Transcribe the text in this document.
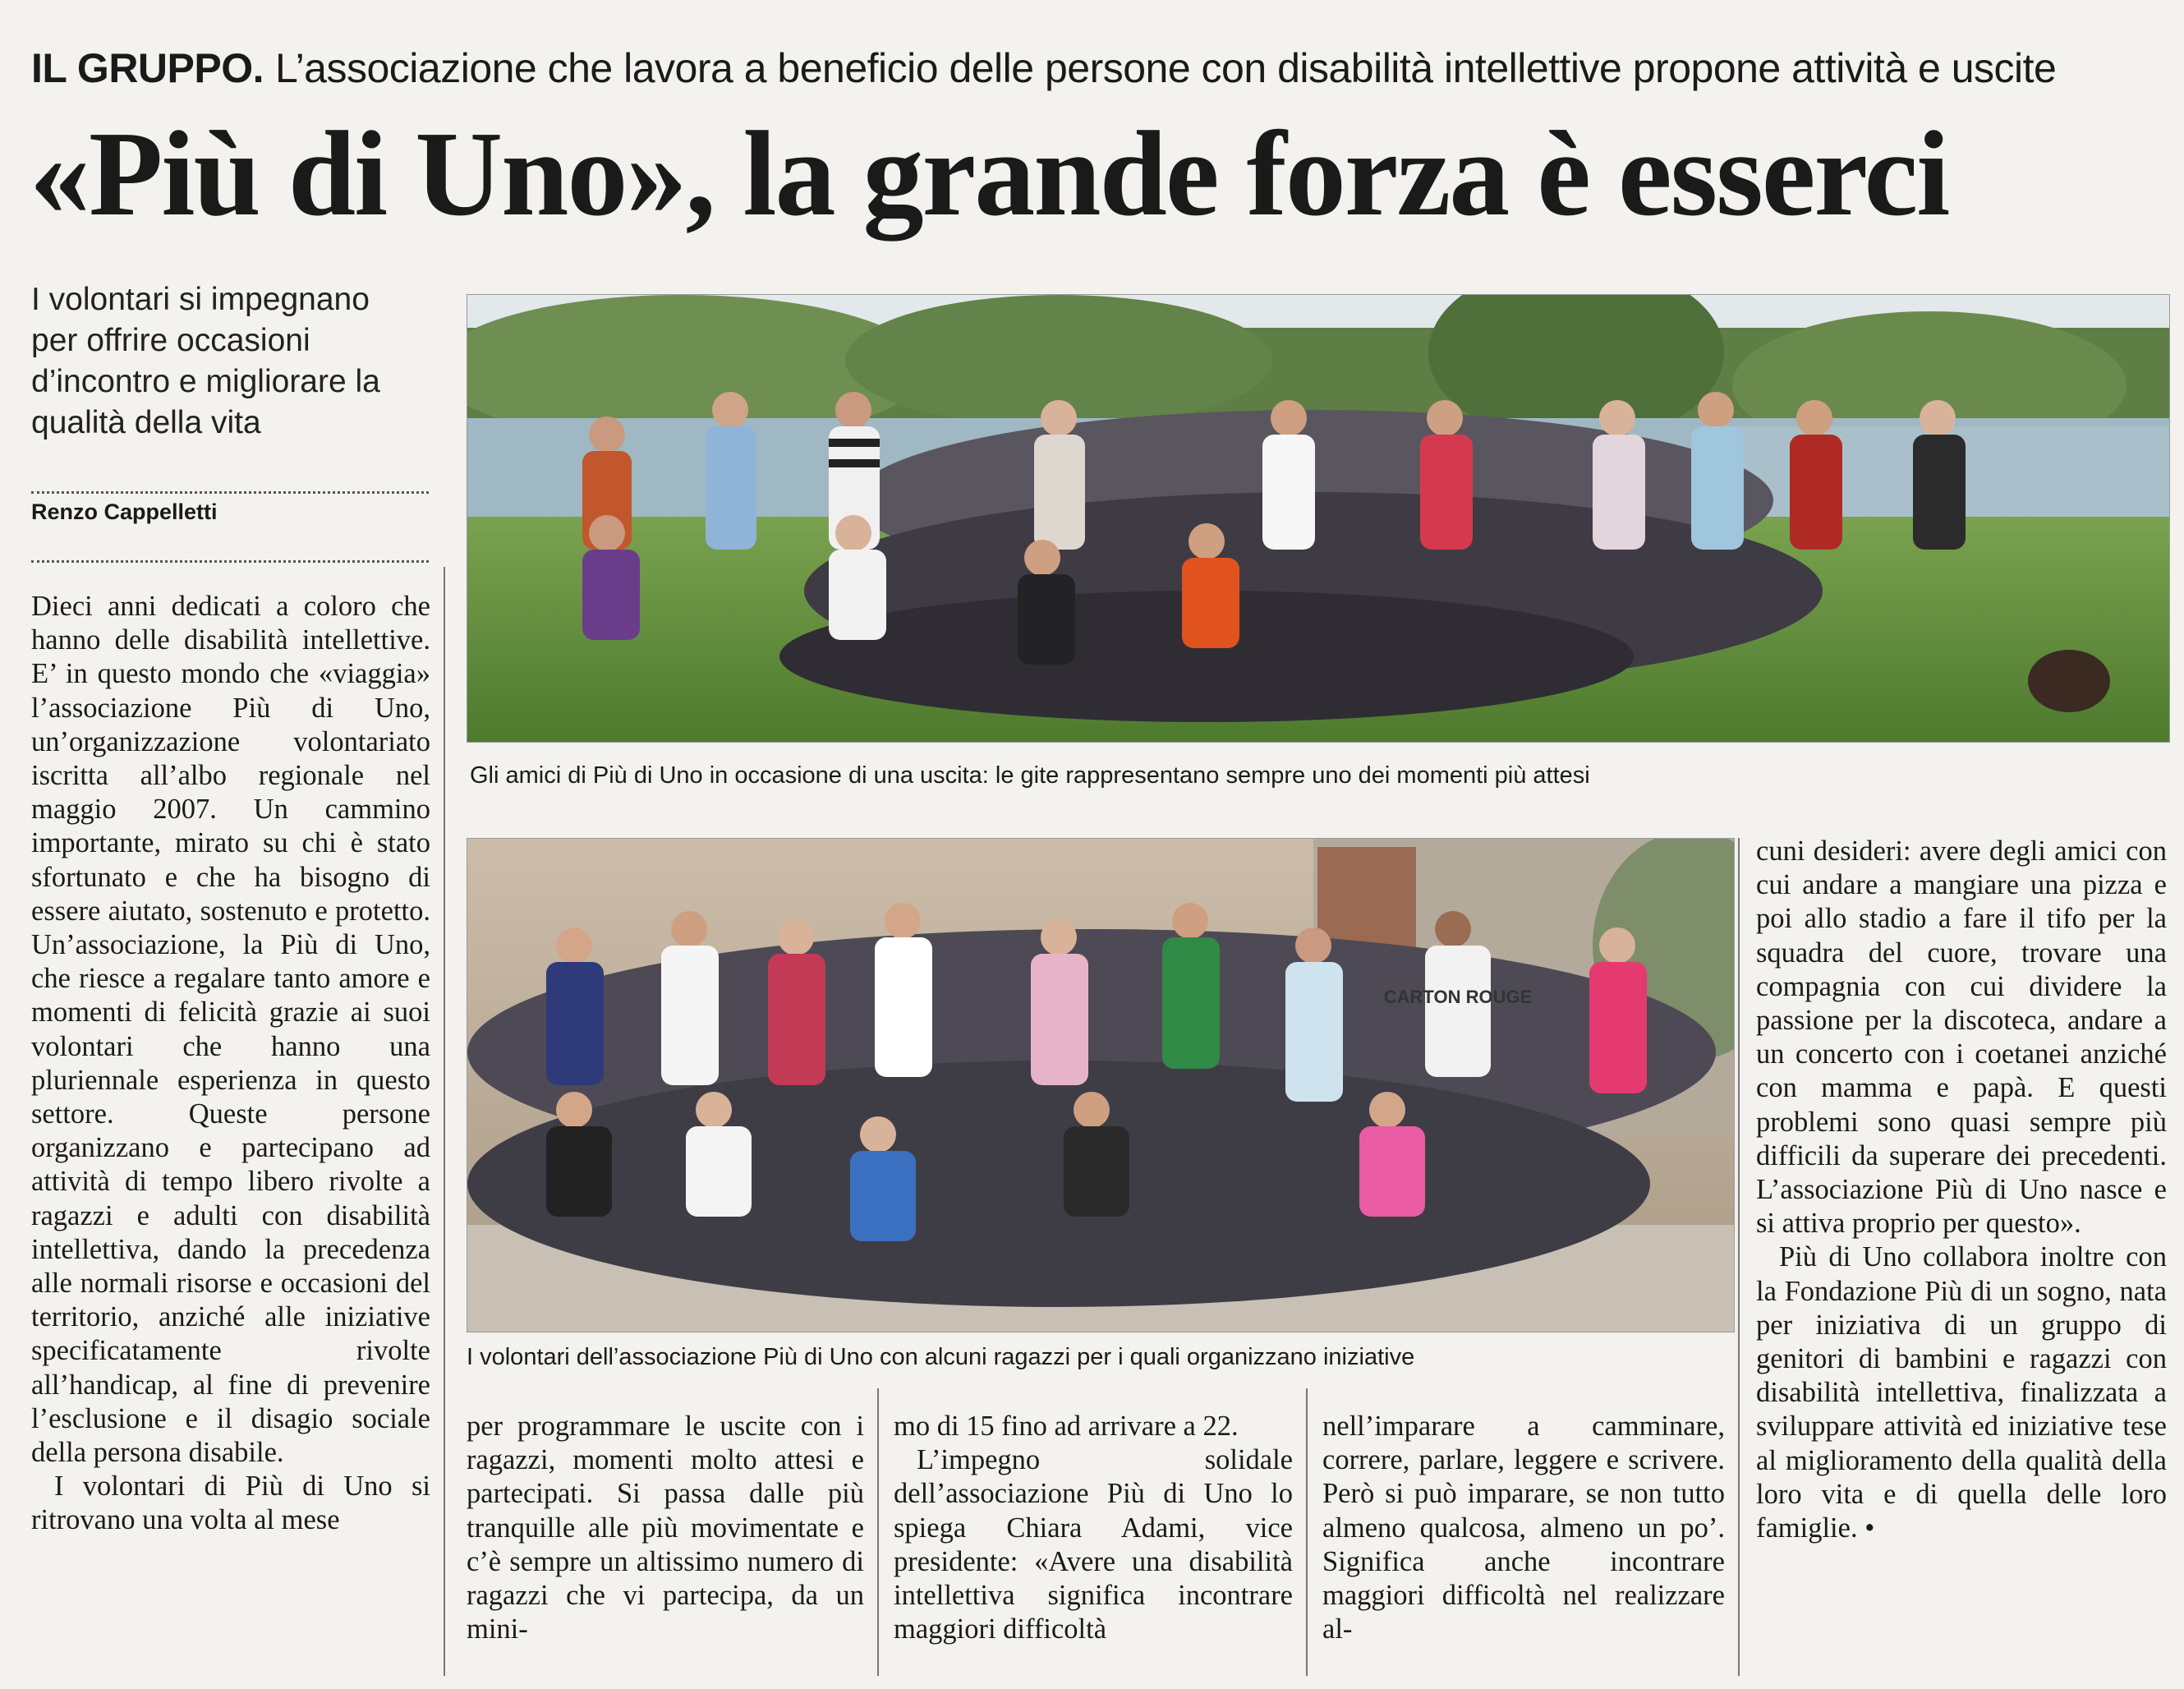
IL GRUPPO. L’associazione che lavora a beneficio delle persone con disabilità intellettive propone attività e uscite
«Più di Uno», la grande forza è esserci
I volontari si impegnano per offrire occasioni d’incontro e migliorare la qualità della vita
Renzo Cappelletti
Gli amici di Più di Uno in occasione di una uscita: le gite rappresentano sempre uno dei momenti più attesi
CARTON ROUGE
I volontari dell’associazione Più di Uno con alcuni ragazzi per i quali organizzano iniziative

Dieci anni dedicati a coloro che hanno delle disabilità intellettive. E’ in questo mondo che «viaggia» l’associazione Più di Uno, un’organizzazione volontariato iscritta all’albo regionale nel maggio 2007. Un cammino importante, mirato su chi è stato sfortunato e che ha bisogno di essere aiutato, sostenuto e protetto. Un’associazione, la Più di Uno, che riesce a regalare tanto amore e momenti di felicità grazie ai suoi volontari che hanno una pluriennale esperienza in questo settore. Queste persone organizzano e partecipano ad attività di tempo libero rivolte a ragazzi e adulti con disabilità intellettiva, dando la precedenza alle normali risorse e occasioni del territorio, anziché alle iniziative specificatamente rivolte all’handicap, al fine di prevenire l’esclusione e il disagio sociale della persona disabile.

I volontari di Più di Uno si ritrovano una volta al mese

per programmare le uscite con i ragazzi, momenti molto attesi e partecipati. Si passa dalle più tranquille alle più movimentate e c’è sempre un altissimo numero di ragazzi che vi partecipa, da un mini-

mo di 15 fino ad arrivare a 22.

L’impegno solidale dell’associazione Più di Uno lo spiega Chiara Adami, vice presidente: «Avere una disabilità intellettiva significa incontrare maggiori difficoltà

nell’imparare a camminare, correre, parlare, leggere e scrivere. Però si può imparare, se non tutto almeno qualcosa, almeno un po’. Significa anche incontrare maggiori difficoltà nel realizzare al-

cuni desideri: avere degli amici con cui andare a mangiare una pizza e poi allo stadio a fare il tifo per la squadra del cuore, trovare una compagnia con cui dividere la passione per la discoteca, andare a un concerto con i coetanei anziché con mamma e papà. E questi problemi sono quasi sempre più difficili da superare dei precedenti. L’associazione Più di Uno nasce e si attiva proprio per questo».

Più di Uno collabora inoltre con la Fondazione Più di un sogno, nata per iniziativa di un gruppo di genitori di bambini e ragazzi con disabilità intellettiva, finalizzata a sviluppare attività ed iniziative tese al miglioramento della qualità della loro vita e di quella delle loro famiglie. •
